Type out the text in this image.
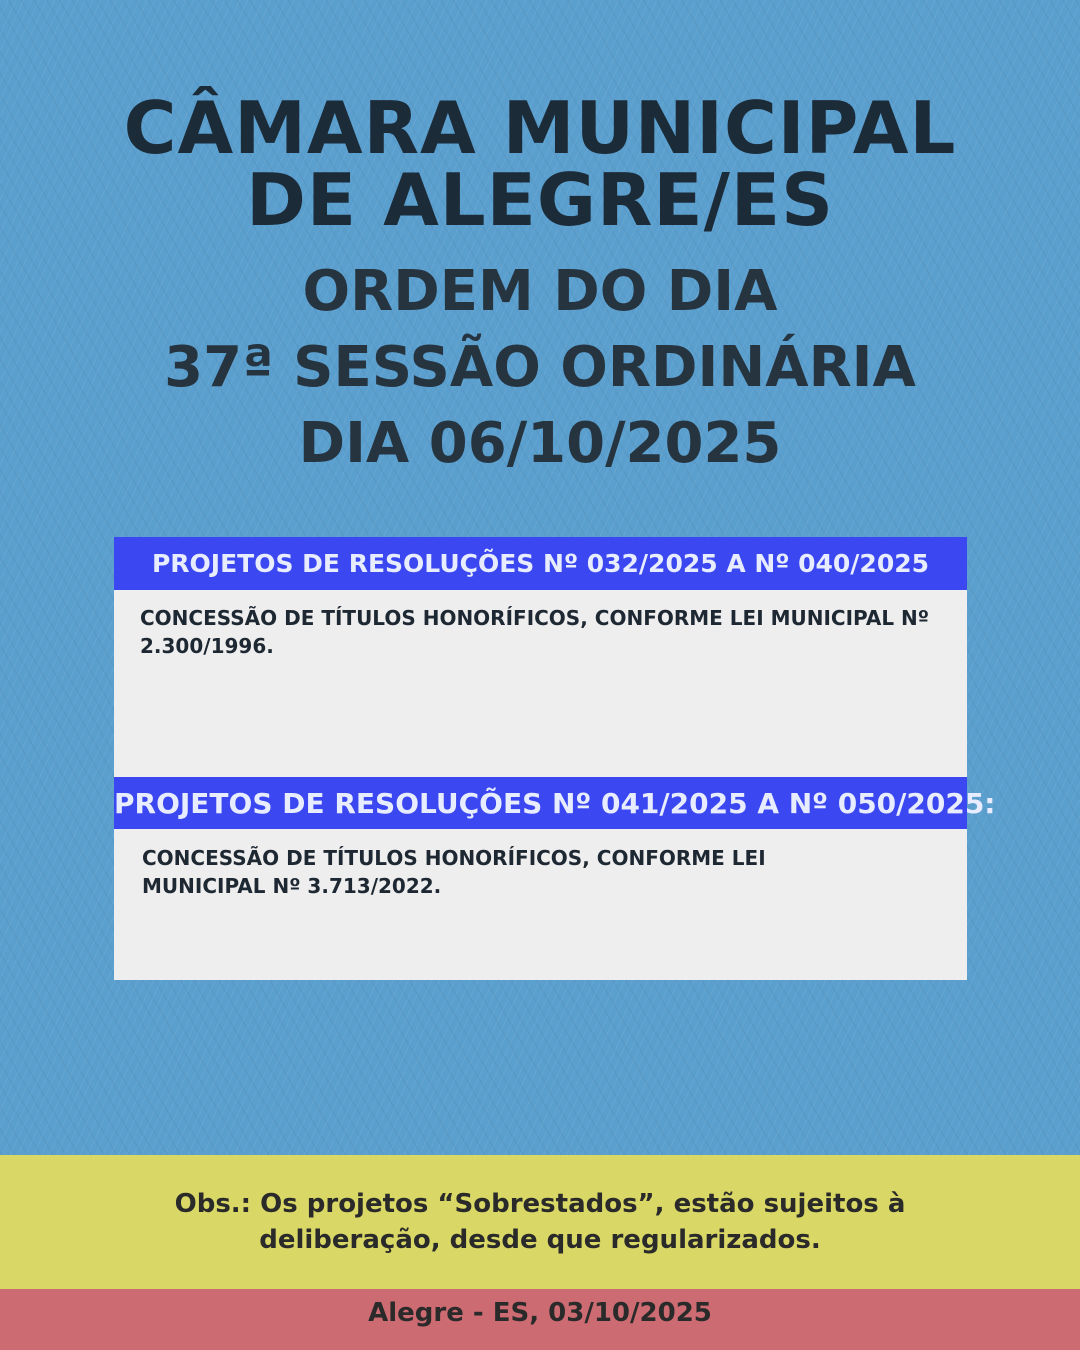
CÂMARA MUNICIPAL
DE ALEGRE/ES
ORDEM DO DIA
37ª SESSÃO ORDINÁRIA
DIA 06/10/2025
PROJETOS DE RESOLUÇÕES Nº 032/2025 A Nº 040/2025
CONCESSÃO DE TÍTULOS HONORÍFICOS, CONFORME LEI MUNICIPAL Nº 2.300/1996.
PROJETOS DE RESOLUÇÕES Nº 041/2025 A Nº 050/2025:
CONCESSÃO DE TÍTULOS HONORÍFICOS, CONFORME LEI MUNICIPAL Nº 3.713/2022.
Obs.: Os projetos “Sobrestados”, estão sujeitos à
deliberação, desde que regularizados.
Alegre - ES, 03/10/2025
